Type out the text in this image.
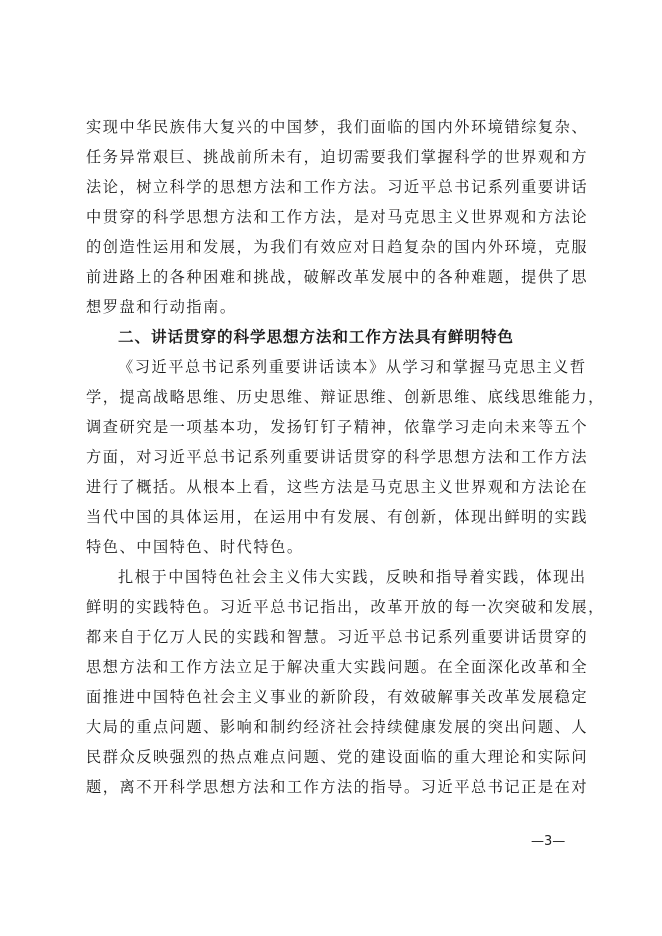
实现中华民族伟大复兴的中国梦，我们面临的国内外环境错综复杂、
任务异常艰巨、挑战前所未有，迫切需要我们掌握科学的世界观和方
法论，树立科学的思想方法和工作方法。习近平总书记系列重要讲话
中贯穿的科学思想方法和工作方法，是对马克思主义世界观和方法论
的创造性运用和发展，为我们有效应对日趋复杂的国内外环境，克服
前进路上的各种困难和挑战，破解改革发展中的各种难题，提供了思
想罗盘和行动指南。
二、讲话贯穿的科学思想方法和工作方法具有鲜明特色
《习近平总书记系列重要讲话读本》从学习和掌握马克思主义哲
学，提高战略思维、历史思维、辩证思维、创新思维、底线思维能力，
调查研究是一项基本功，发扬钉钉子精神，依靠学习走向未来等五个
方面，对习近平总书记系列重要讲话贯穿的科学思想方法和工作方法
进行了概括。从根本上看，这些方法是马克思主义世界观和方法论在
当代中国的具体运用，在运用中有发展、有创新，体现出鲜明的实践
特色、中国特色、时代特色。
扎根于中国特色社会主义伟大实践，反映和指导着实践，体现出
鲜明的实践特色。习近平总书记指出，改革开放的每一次突破和发展，
都来自于亿万人民的实践和智慧。习近平总书记系列重要讲话贯穿的
思想方法和工作方法立足于解决重大实践问题。在全面深化改革和全
面推进中国特色社会主义事业的新阶段，有效破解事关改革发展稳定
大局的重点问题、影响和制约经济社会持续健康发展的突出问题、人
民群众反映强烈的热点难点问题、党的建设面临的重大理论和实际问
题，离不开科学思想方法和工作方法的指导。习近平总书记正是在对
—3—
